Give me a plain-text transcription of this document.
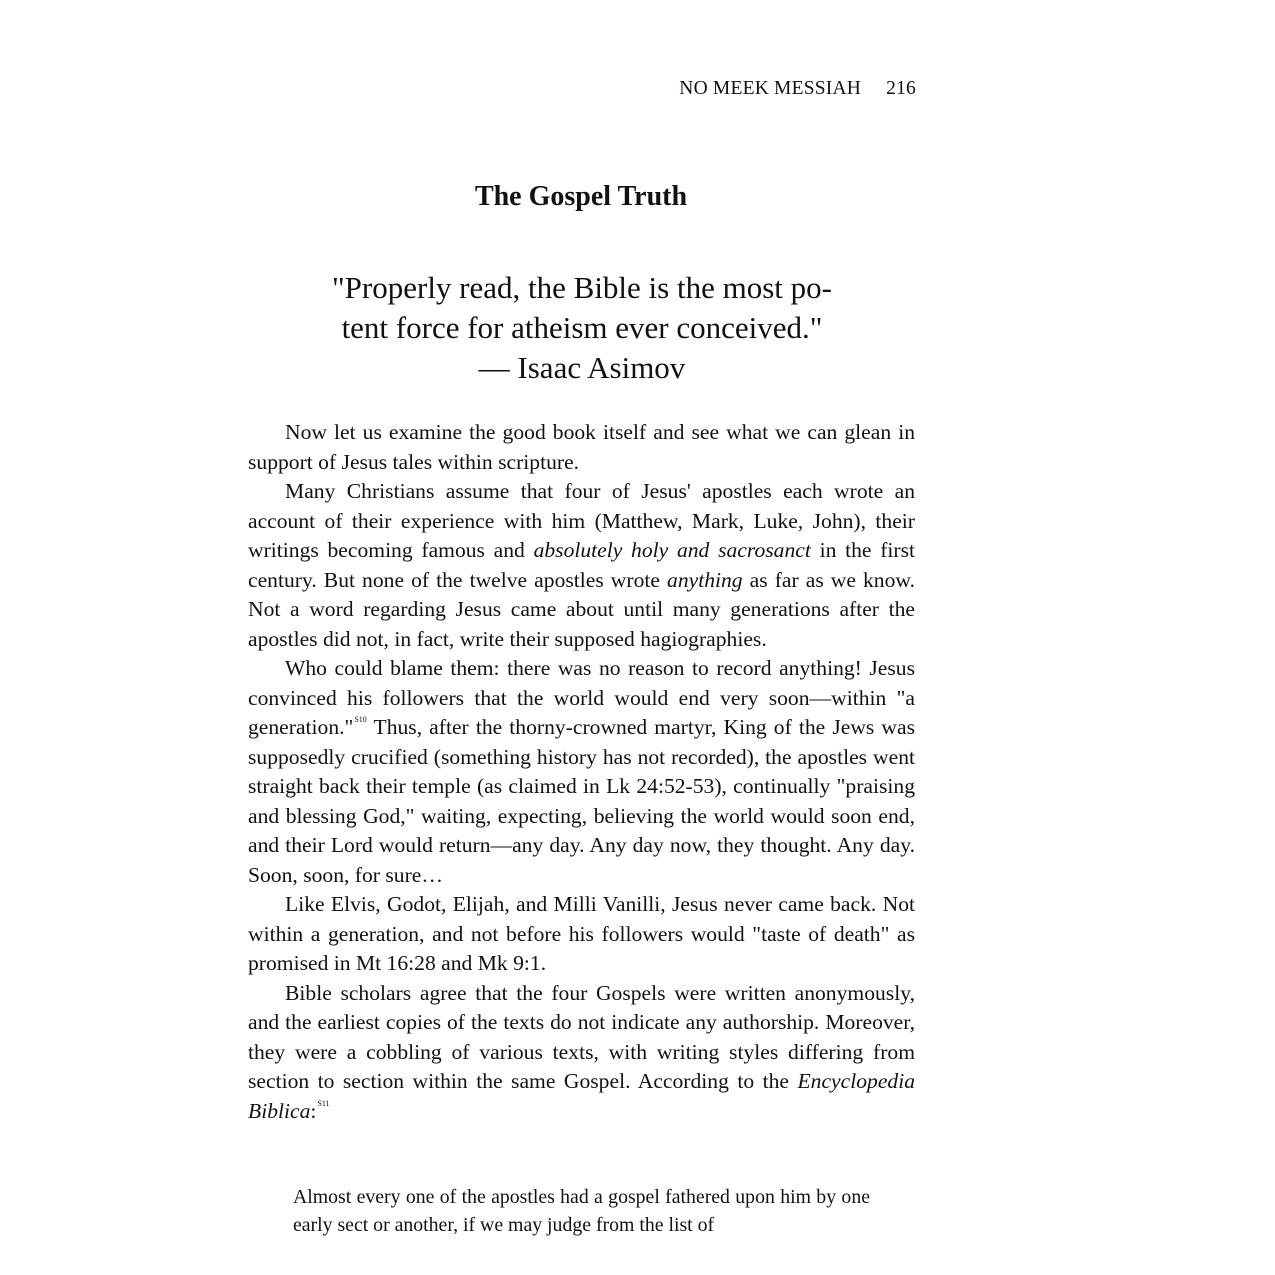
NO MEEK MESSIAH 216
The Gospel Truth
"Properly read, the Bible is the most po-
tent force for atheism ever conceived."
— Isaac Asimov

Now let us examine the good book itself and see what we can glean in support of Jesus tales within scripture.

Many Christians assume that four of Jesus' apostles each wrote an account of their experience with him (Matthew, Mark, Luke, John), their writings becoming famous and absolutely holy and sacrosanct in the first century. But none of the twelve apostles wrote anything as far as we know. Not a word regarding Jesus came about until many generations after the apostles did not, in fact, write their supposed hagiographies.

Who could blame them: there was no reason to record anything! Jesus convinced his followers that the world would end very soon—within "a generation."$^{S10}$ Thus, after the thorny-crowned martyr, King of the Jews was supposedly crucified (something history has not recorded), the apostles went straight back their temple (as claimed in Lk 24:52-53), continually "praising and blessing God," waiting, expecting, believing the world would soon end, and their Lord would return—any day. Any day now, they thought. Any day. Soon, soon, for sure…

Like Elvis, Godot, Elijah, and Milli Vanilli, Jesus never came back. Not within a generation, and not before his followers would "taste of death" as promised in Mt 16:28 and Mk 9:1.

Bible scholars agree that the four Gospels were written anonymously, and the earliest copies of the texts do not indicate any authorship. Moreover, they were a cobbling of various texts, with writing styles differing from section to section within the same Gospel. According to the Encyclopedia Biblica:$^{S11}$

Almost every one of the apostles had a gospel fathered upon him by one early sect or another, if we may judge from the list of
